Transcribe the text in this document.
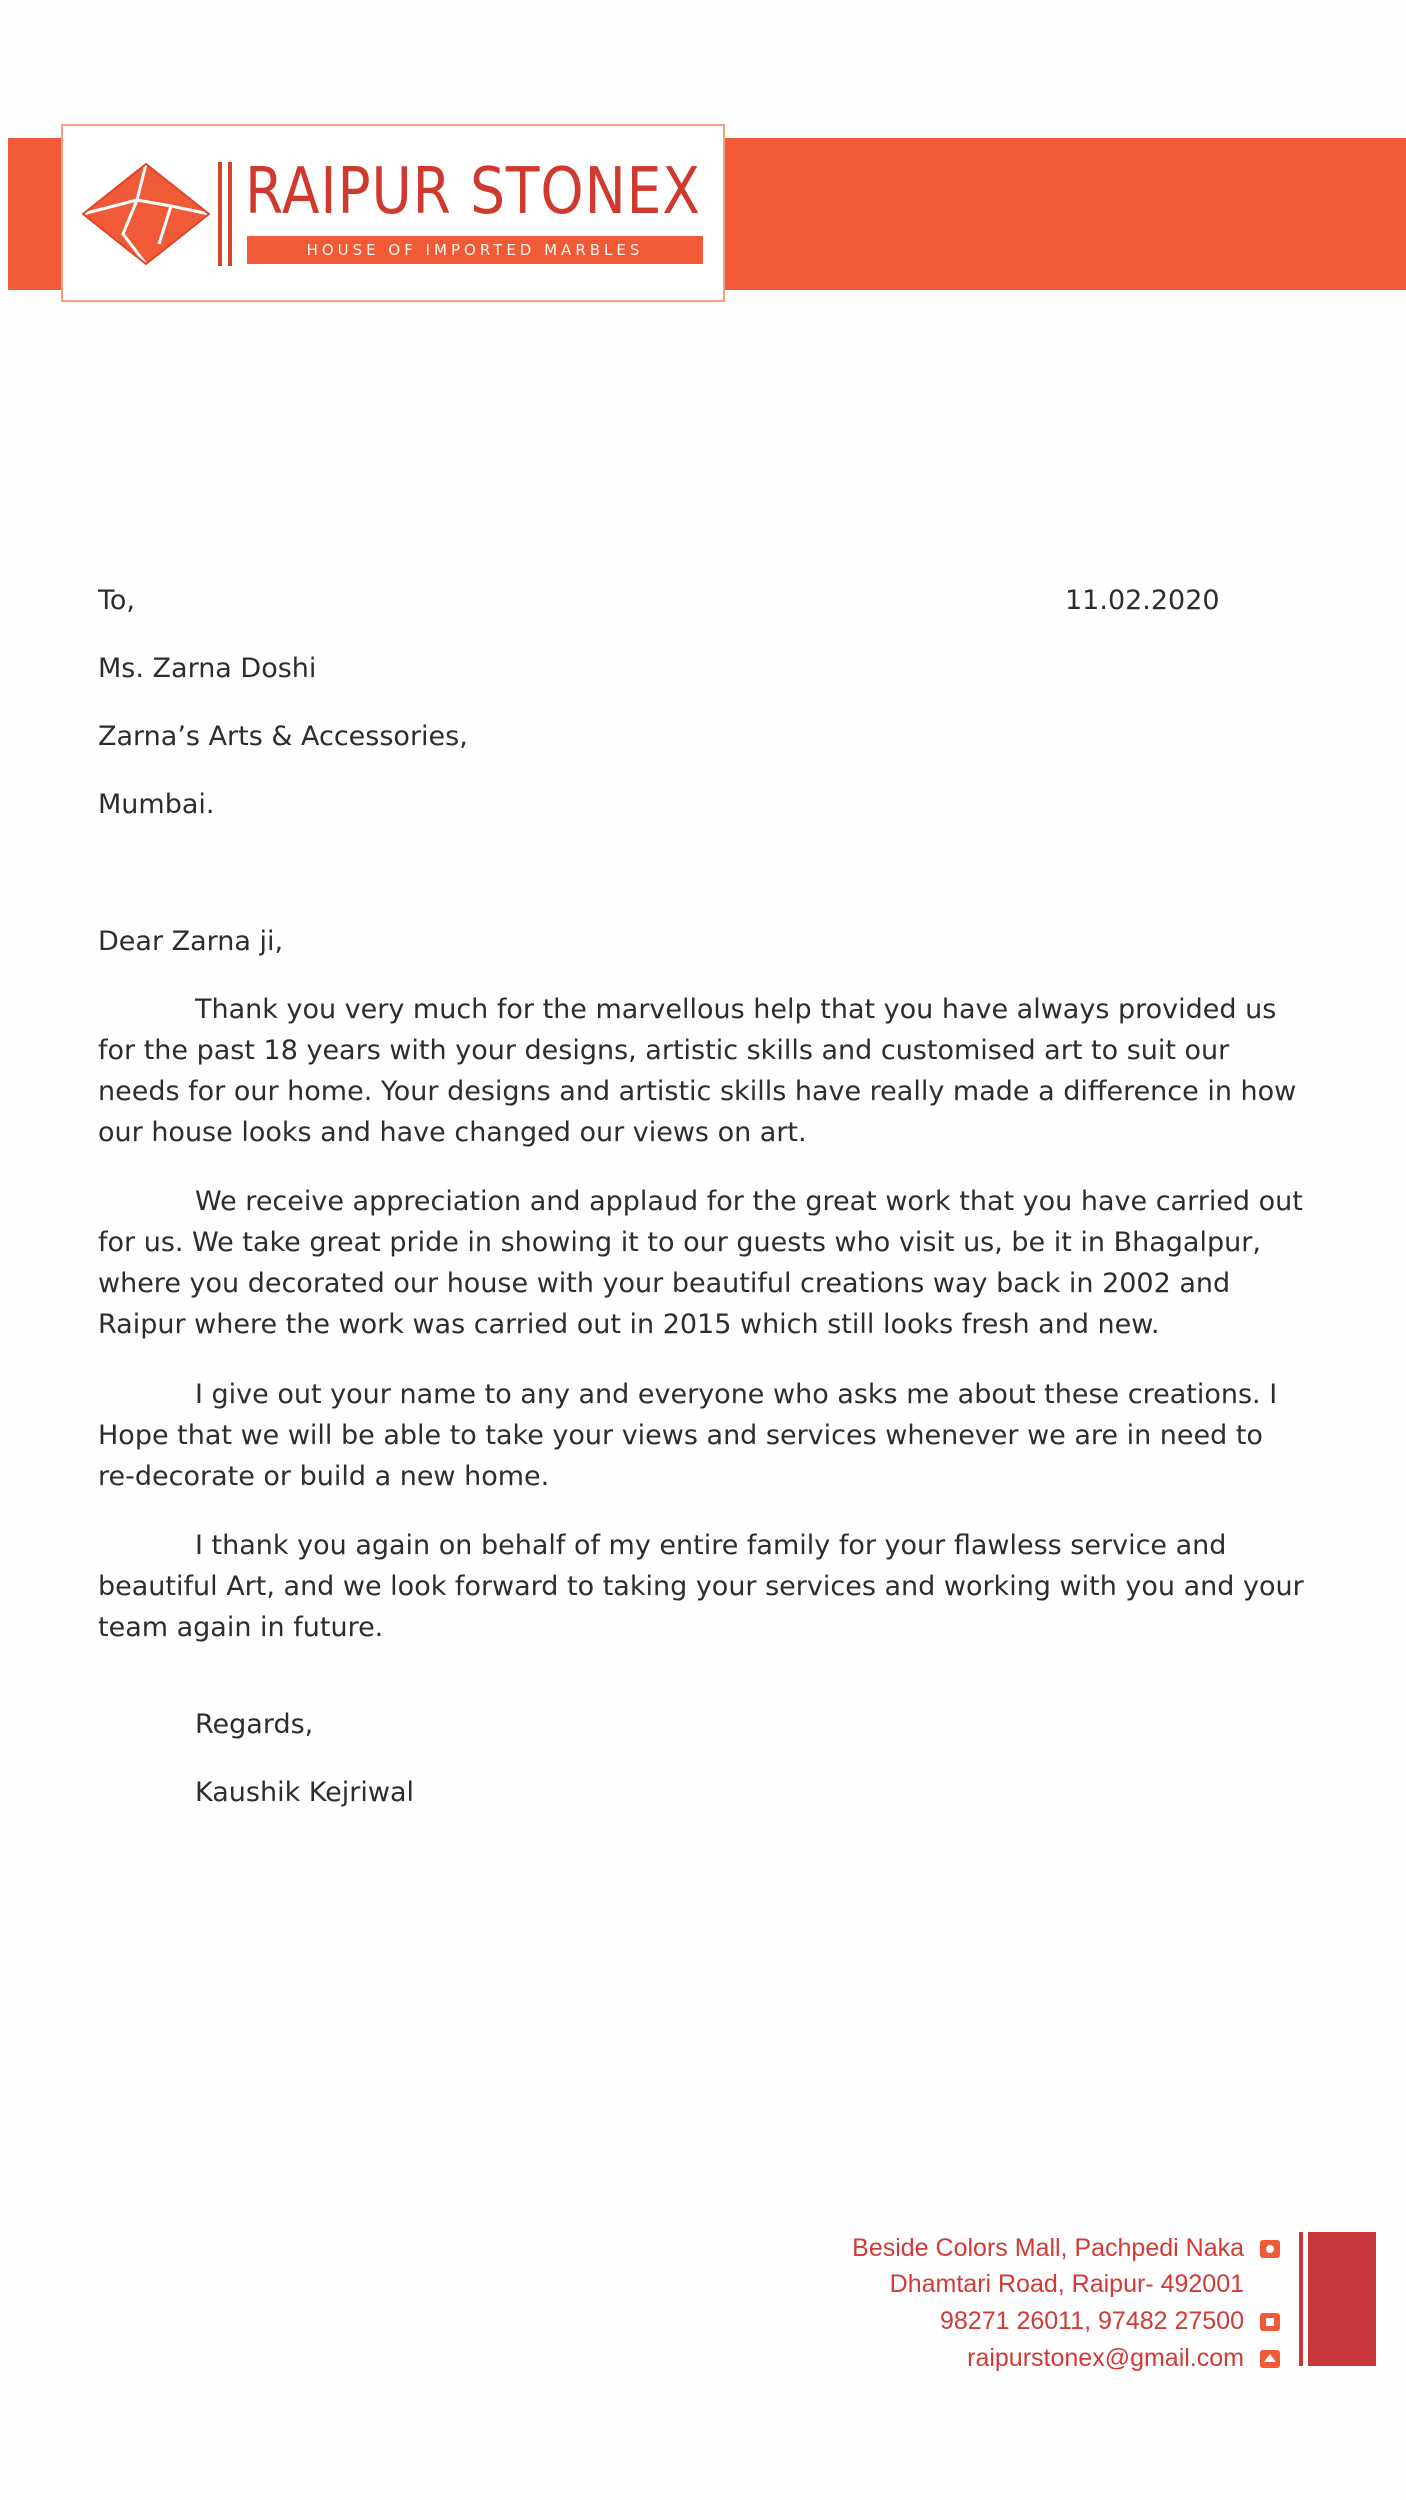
RAIPUR STONEX
HOUSE OF IMPORTED MARBLES
To,	11.02.2020
Ms. Zarna Doshi
Zarna’s Arts & Accessories,
Mumbai.
Dear Zarna ji,

Thank you very much for the marvellous help that you have always provided us for the past 18 years with your designs, artistic skills and customised art to suit our needs for our home. Your designs and artistic skills have really made a difference in how our house looks and have changed our views on art.

We receive appreciation and applaud for the great work that you have carried out for us. We take great pride in showing it to our guests who visit us, be it in Bhagalpur, where you decorated our house with your beautiful creations way back in 2002 and Raipur where the work was carried out in 2015 which still looks fresh and new.

I give out your name to any and everyone who asks me about these creations. I Hope that we will be able to take your views and services whenever we are in need to re-decorate or build a new home.

I thank you again on behalf of my entire family for your flawless service and beautiful Art, and we look forward to taking your services and working with you and your team again in future.

Regards,
Kaushik Kejriwal
Beside Colors Mall, Pachpedi Naka
Dhamtari Road, Raipur- 492001
98271 26011, 97482 27500
raipurstonex@gmail.com
